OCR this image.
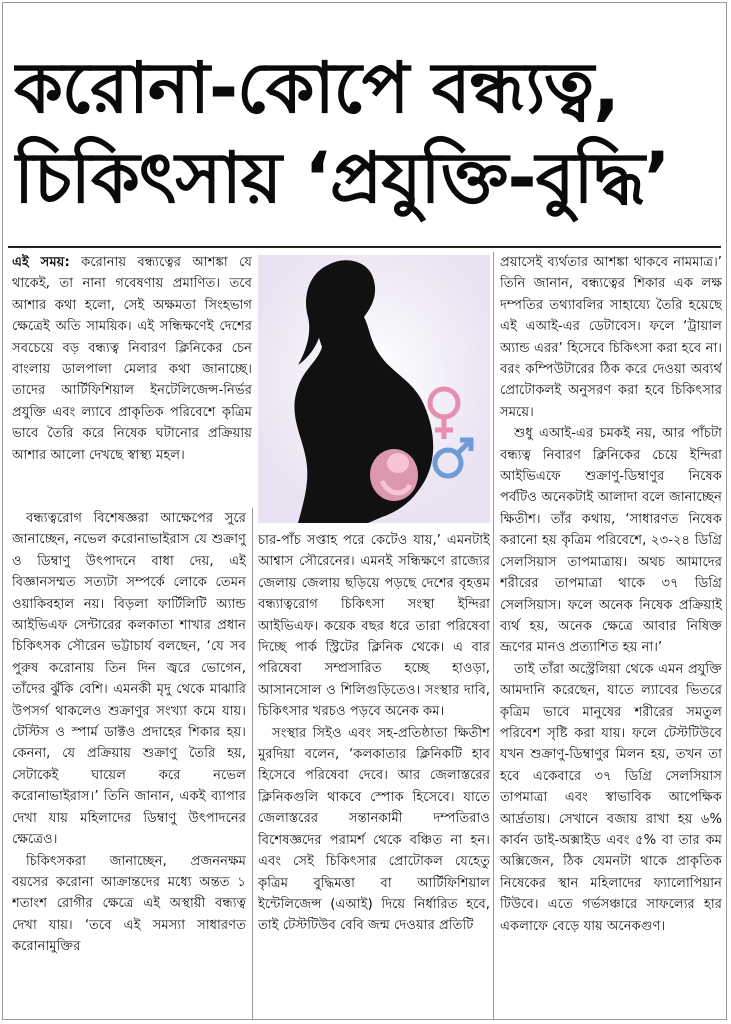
করোনা-কোপে বন্ধ্যত্ব,
চিকিৎসায় ‘প্রযুক্তি-বুদ্ধি’

এই সময়: করোনায় বন্ধ্যত্বের আশঙ্কা যে থাকেই, তা নানা গবেষণায় প্রমাণিত। তবে আশার কথা হলো, সেই অক্ষমতা সিংহভাগ ক্ষেত্রেই অতি সাময়িক। এই সন্ধিক্ষণেই দেশের সবচেয়ে বড় বন্ধ্যত্ব নিবারণ ক্লিনিকের চেন বাংলায় ডালপালা মেলার কথা জানাচ্ছে। তাদের আর্টিফিশিয়াল ইনটেলিজেন্স-নির্ভর প্রযুক্তি এবং ল্যাবে প্রাকৃতিক পরিবেশে কৃত্রিম ভাবে তৈরি করে নিষেক ঘটানোর প্রক্রিয়ায় আশার আলো দেখছে স্বাস্থ্য মহল।

বন্ধ্যত্বরোগ বিশেষজ্ঞরা আক্ষেপের সুরে জানাচ্ছেন, নভেল করোনাভাইরাস যে শুক্রাণু ও ডিম্বাণু উৎপাদনে বাধা দেয়, এই বিজ্ঞানসম্মত সত্যটা সম্পর্কে লোকে তেমন ওয়াকিবহাল নয়। বিড়লা ফার্টিলিটি অ্যান্ড আইভিএফ সেন্টারের কলকাতা শাখার প্রধান চিকিৎসক সৌরেন ভট্টাচার্য বলছেন, ‘যে সব পুরুষ করোনায় তিন দিন জ্বরে ভোগেন, তাঁদের ঝুঁকি বেশি। এমনকী মৃদু থেকে মাঝারি উপসর্গ থাকলেও শুক্রাণুর সংখ্যা কমে যায়। টেস্টিস ও স্পার্ম ডাক্টও প্রদাহের শিকার হয়। কেননা, যে প্রক্রিয়ায় শুক্রাণু তৈরি হয়, সেটাকেই ঘায়েল করে নভেল করোনাভাইরাস।’ তিনি জানান, একই ব্যাপার দেখা যায় মহিলাদের ডিম্বাণু উৎপাদনের ক্ষেত্রেও।

চিকিৎসকরা জানাচ্ছেন, প্রজননক্ষম বয়সের করোনা আক্রান্তদের মধ্যে অন্তত ১ শতাংশ রোগীর ক্ষেত্রে এই অস্থায়ী বন্ধ্যত্ব দেখা যায়। ‘তবে এই সমস্যা সাধারণত করোনামুক্তির

চার-পাঁচ সপ্তাহ পরে কেটেও যায়,’ এমনটাই আশ্বাস সৌরেনের। এমনই সন্ধিক্ষণে রাজ্যের জেলায় জেলায় ছড়িয়ে পড়ছে দেশের বৃহত্তম বন্ধ্যাত্বরোগ চিকিৎসা সংস্থা ইন্দিরা আইভিএফ। কয়েক বছর ধরে তারা পরিষেবা দিচ্ছে পার্ক স্ট্রিটের ক্লিনিক থেকে। এ বার পরিষেবা সম্প্রসারিত হচ্ছে হাওড়া, আসানসোল ও শিলিগুড়িতেও। সংস্থার দাবি, চিকিৎসার খরচও পড়বে অনেক কম।

সংস্থার সিইও এবং সহ-প্রতিষ্ঠাতা ক্ষিতীশ মুরদিয়া বলেন, ‘কলকাতার ক্লিনিকটি হাব হিসেবে পরিষেবা দেবে। আর জেলাস্তরের ক্লিনিকগুলি থাকবে স্পোক হিসেবে। যাতে জেলাস্তরের সন্তানকামী দম্পতিরাও বিশেষজ্ঞদের পরামর্শ থেকে বঞ্চিত না হন। এবং সেই চিকিৎসার প্রোটোকল যেহেতু কৃত্রিম বুদ্ধিমত্তা বা আর্টিফিশিয়াল ইন্টেলিজেন্স (এআই) দিয়ে নির্ধারিত হবে, তাই টেস্টটিউব বেবি জন্ম দেওয়ার প্রতিটি

প্রয়াসেই ব্যর্থতার আশঙ্কা থাকবে নামমাত্র।’ তিনি জানান, বন্ধ্যত্বের শিকার এক লক্ষ দম্পতির তথ্যাবলির সাহায্যে তৈরি হয়েছে এই এআই-এর ডেটাবেস। ফলে ‘ট্রায়াল অ্যান্ড এরর’ হিসেবে চিকিৎসা করা হবে না। বরং কম্পিউটারের ঠিক করে দেওয়া অব্যর্থ প্রোটোকলই অনুসরণ করা হবে চিকিৎসার সময়ে।

শুধু এআই-এর চমকই নয়, আর পাঁচটা বন্ধ্যত্ব নিবারণ ক্লিনিকের চেয়ে ইন্দিরা আইভিএফে শুক্রাণু-ডিম্বাণুর নিষেক পর্বটিও অনেকটাই আলাদা বলে জানাচ্ছেন ক্ষিতীশ। তাঁর কথায়, ‘সাধারণত নিষেক করানো হয় কৃত্রিম পরিবেশে, ২৩-২৪ ডিগ্রি সেলসিয়াস তাপমাত্রায়। অথচ আমাদের শরীরের তাপমাত্রা থাকে ৩৭ ডিগ্রি সেলসিয়াস। ফলে অনেক নিষেক প্রক্রিয়াই ব্যর্থ হয়, অনেক ক্ষেত্রে আবার নিষিক্ত ভ্রূণের মানও প্রত্যাশিত হয় না।’

তাই তাঁরা অস্ট্রেলিয়া থেকে এমন প্রযুক্তি আমদানি করেছেন, যাতে ল্যাবের ভিতরে কৃত্রিম ভাবে মানুষের শরীরের সমতুল পরিবেশ সৃষ্টি করা যায়। ফলে টেস্টটিউবে যখন শুক্রাণু-ডিম্বাণুর মিলন হয়, তখন তা হবে একেবারে ৩৭ ডিগ্রি সেলসিয়াস তাপমাত্রা এবং স্বাভাবিক আপেক্ষিক আর্দ্রতায়। সেখানে বজায় রাখা হয় ৬% কার্বন ডাই-অক্সাইড এবং ৫% বা তার কম অক্সিজেন, ঠিক যেমনটা থাকে প্রাকৃতিক নিষেকের স্থান মহিলাদের ফ্যালোপিয়ান টিউবে। এতে গর্ভসঞ্চারে সাফল্যের হার একলাফে বেড়ে যায় অনেকগুণ।
